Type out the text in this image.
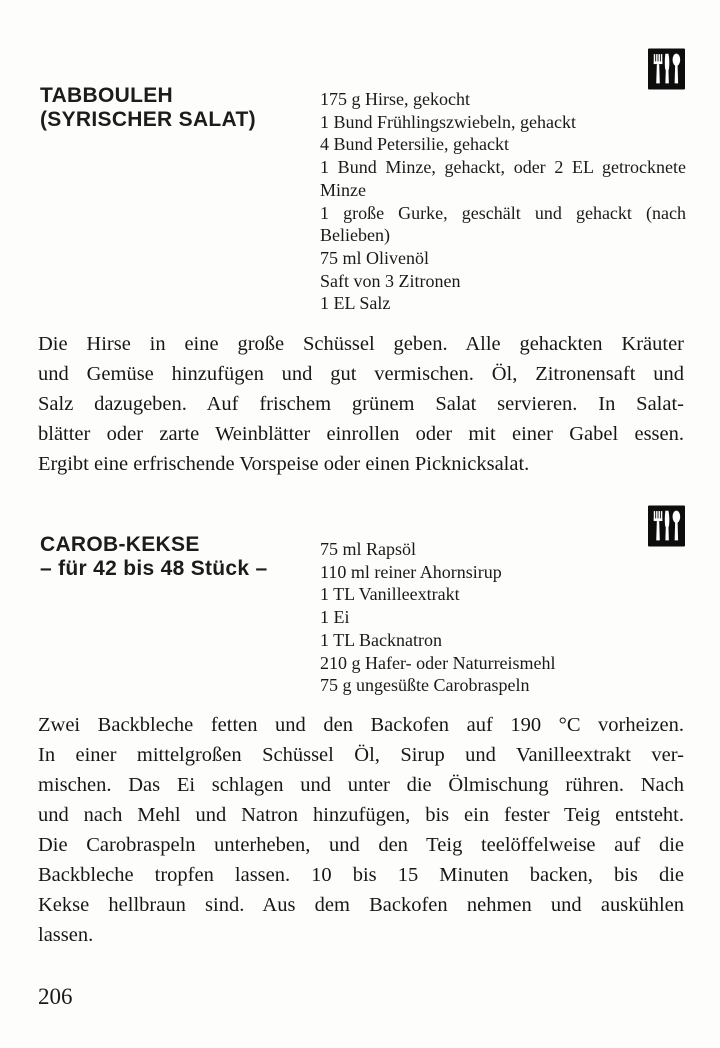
TABBOULEH
(SYRISCHER SALAT)
175 g Hirse, gekocht
1 Bund Frühlingszwiebeln, gehackt
4 Bund Petersilie, gehackt
1 Bund Minze, gehackt, oder 2 EL getrocknete Minze
1 große Gurke, geschält und gehackt (nach Belieben)
75 ml Olivenöl
Saft von 3 Zitronen
1 EL Salz
Die Hirse in eine große Schüssel geben. Alle gehackten Kräuter
und Gemüse hinzufügen und gut vermischen. Öl, Zitronensaft und
Salz dazugeben. Auf frischem grünem Salat servieren. In Salat-
blätter oder zarte Weinblätter einrollen oder mit einer Gabel essen.
Ergibt eine erfrischende Vorspeise oder einen Picknicksalat.
CAROB-KEKSE
– für 42 bis 48 Stück –
75 ml Rapsöl
110 ml reiner Ahornsirup
1 TL Vanilleextrakt
1 Ei
1 TL Backnatron
210 g Hafer- oder Naturreismehl
75 g ungesüßte Carobraspeln
Zwei Backbleche fetten und den Backofen auf 190 °C vorheizen.
In einer mittelgroßen Schüssel Öl, Sirup und Vanilleextrakt ver-
mischen. Das Ei schlagen und unter die Ölmischung rühren. Nach
und nach Mehl und Natron hinzufügen, bis ein fester Teig entsteht.
Die Carobraspeln unterheben, und den Teig teelöffelweise auf die
Backbleche tropfen lassen. 10 bis 15 Minuten backen, bis die
Kekse hellbraun sind. Aus dem Backofen nehmen und auskühlen
lassen.
206
